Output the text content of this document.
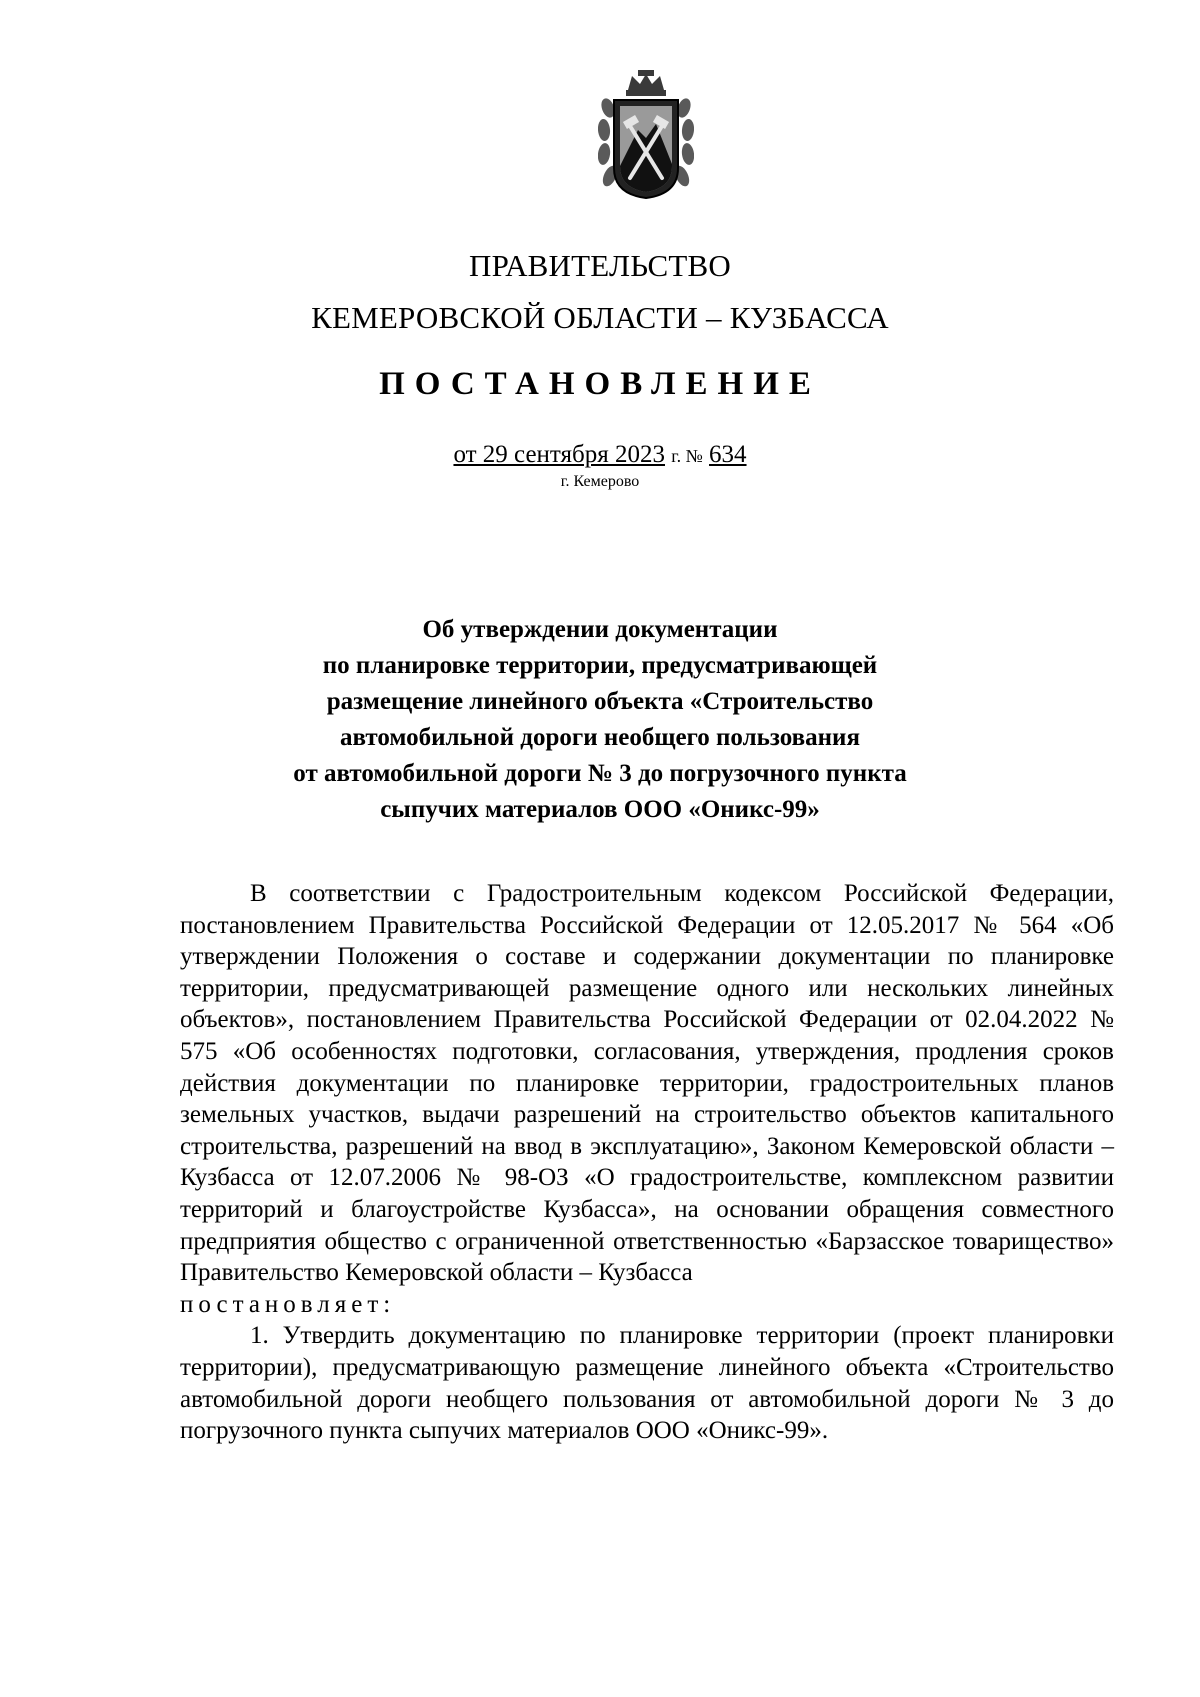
ПРАВИТЕЛЬСТВО
КЕМЕРОВСКОЙ ОБЛАСТИ – КУЗБАССА
ПОСТАНОВЛЕНИЕ
от 29 сентября 2023 г. № 634
г. Кемерово
Об утверждении документации
по планировке территории, предусматривающей
размещение линейного объекта «Строительство
автомобильной дороги необщего пользования
от автомобильной дороги № 3 до погрузочного пункта
сыпучих материалов ООО «Оникс-99»

В соответствии с Градостроительным кодексом Российской Федерации, постановлением Правительства Российской Федерации от 12.05.2017 № 564 «Об утверждении Положения о составе и содержании документации по планировке территории, предусматривающей размещение одного или нескольких линейных объектов», постановлением Правительства Российской Федерации от 02.04.2022 № 575 «Об особенностях подготовки, согласования, утверждения, продления сроков действия документации по планировке территории, градостроительных планов земельных участков, выдачи разрешений на строительство объектов капитального строительства, разрешений на ввод в эксплуатацию», Законом Кемеровской области – Кузбасса от 12.07.2006 № 98-ОЗ «О градостроительстве, комплексном развитии территорий и благоустройстве Кузбасса», на основании обращения совместного предприятия общество с ограниченной ответственностью «Барзасское товарищество» Правительство Кемеровской области – Кузбасса

постановляет:

1. Утвердить документацию по планировке территории (проект планировки территории), предусматривающую размещение линейного объекта «Строительство автомобильной дороги необщего пользования от автомобильной дороги № 3 до погрузочного пункта сыпучих материалов ООО «Оникс-99».
